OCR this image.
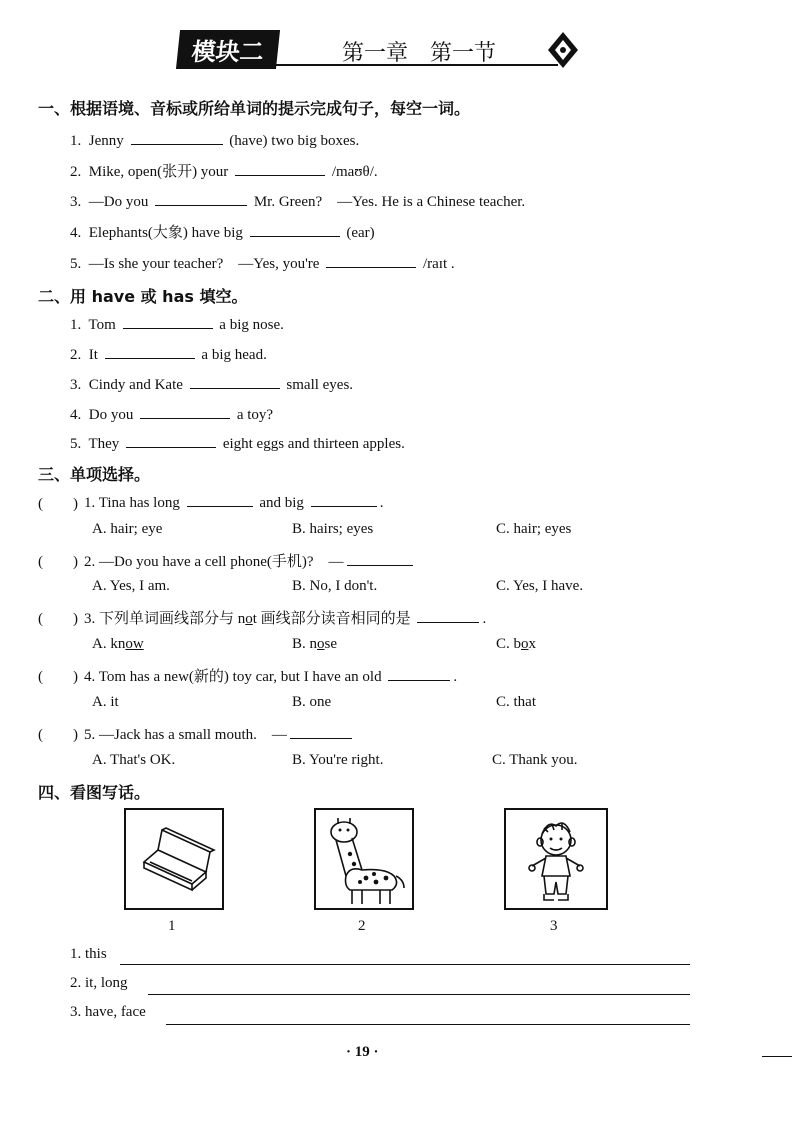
模块二	第一章 第一节
一、根据语境、音标或所给单词的提示完成句子，每空一词。
1. Jenny	(have) two big boxes.
2. Mike, open(张开) your	/maʊθ/.
3. —Do you	Mr. Green?　—Yes. He is a Chinese teacher.
4. Elephants(大象) have big	(ear)
5. —Is she your teacher?　—Yes, you're	/raɪt .
二、用 have 或 has 填空。
1. Tom	a big nose.
2. It	a big head.
3. Cindy and Kate	small eyes.
4. Do you	a toy?
5. They	eight eggs and thirteen apples.
三、单项选择。
(　　) 1. Tina has long	and big	.
A. hair; eye	B. hairs; eyes	C. hair; eyes
(　　) 2. —Do you have a cell phone(手机)?　—
A. Yes, I am.	B. No, I don't.	C. Yes, I have.
(　　) 3. 下列单词画线部分与 not 画线部分读音相同的是	.
A. know	B. nose	C. box
(　　) 4. Tom has a new(新的) toy car, but I have an old	.
A. it	B. one	C. that
(　　) 5. —Jack has a small mouth.　—
A. That's OK.	B. You're right.	C. Thank you.
四、看图写话。
1	2	3
1. this
2. it, long
3. have, face
· 19 ·
